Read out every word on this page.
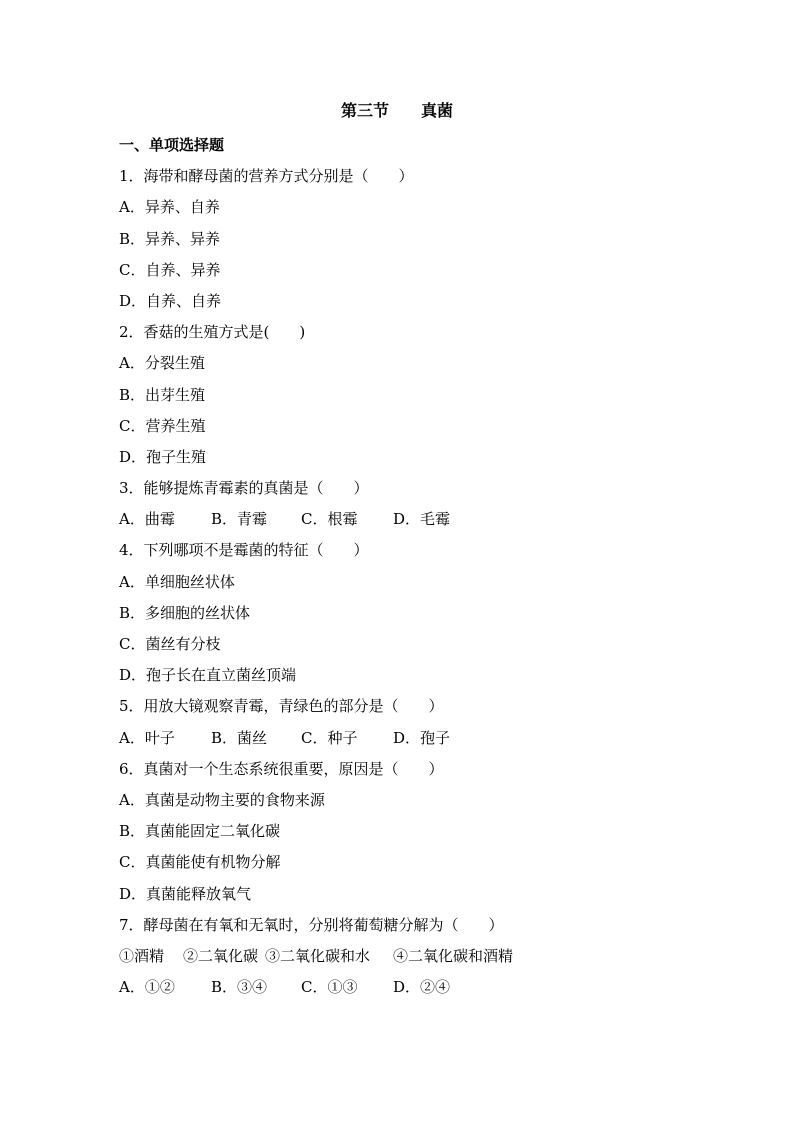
第三节　　真菌
一、单项选择题
1．海带和酵母菌的营养方式分别是（　　）
A．异养、自养
B．异养、异养
C．自养、异养
D．自养、自养
2．香菇的生殖方式是(　　)
A．分裂生殖
B．出芽生殖
C．营养生殖
D．孢子生殖
3．能够提炼青霉素的真菌是（　　）
A．曲霉 B．青霉 C．根霉 D．毛霉
4．下列哪项不是霉菌的特征（　　）
A．单细胞丝状体
B．多细胞的丝状体
C．菌丝有分枝
D．孢子长在直立菌丝顶端
5．用放大镜观察青霉，青绿色的部分是（　　）
A．叶子 B．菌丝 C．种子 D．孢子
6．真菌对一个生态系统很重要，原因是（　　）
A．真菌是动物主要的食物来源
B．真菌能固定二氧化碳
C．真菌能使有机物分解
D．真菌能释放氧气
7．酵母菌在有氧和无氧时，分别将葡萄糖分解为（　　）
①酒精 ②二氧化碳 ③二氧化碳和水 ④二氧化碳和酒精
A．①② B．③④ C．①③ D．②④
